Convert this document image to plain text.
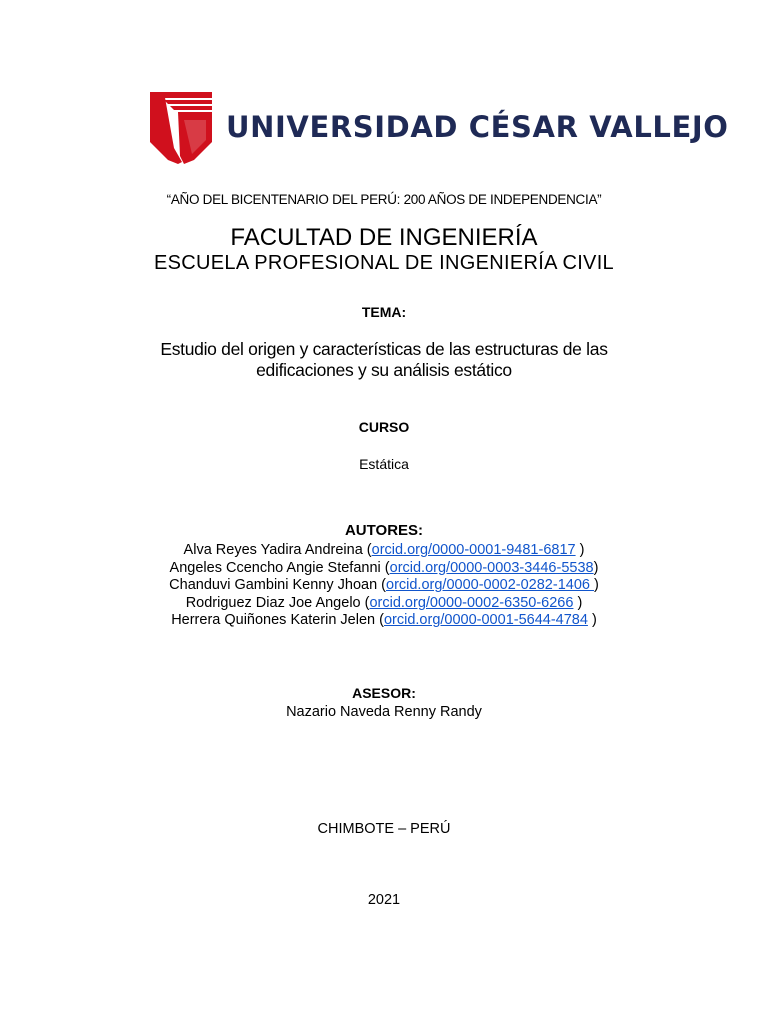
UNIVERSIDAD CÉSAR VALLEJO
“AÑO DEL BICENTENARIO DEL PERÚ: 200 AÑOS DE INDEPENDENCIA”
FACULTAD DE INGENIERÍA
ESCUELA PROFESIONAL DE INGENIERÍA CIVIL
TEMA:
Estudio del origen y características de las estructuras de las
edificaciones y su análisis estático
CURSO
Estática
AUTORES:
Alva Reyes Yadira Andreina (orcid.org/0000-0001-9481-6817 )
Angeles Ccencho Angie Stefanni (orcid.org/0000-0003-3446-5538)
Chanduvi Gambini Kenny Jhoan (orcid.org/0000-0002-0282-1406 )
Rodriguez Diaz Joe Angelo (orcid.org/0000-0002-6350-6266 )
Herrera Quiñones Katerin Jelen (orcid.org/0000-0001-5644-4784 )
ASESOR:
Nazario Naveda Renny Randy
CHIMBOTE – PERÚ
2021
